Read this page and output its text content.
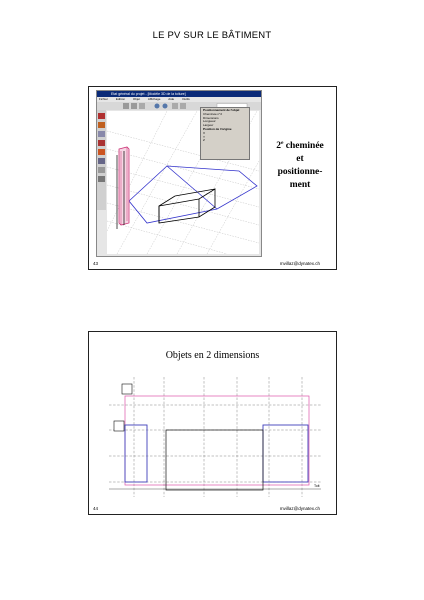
LE PV SUR LE BÂTIMENT
Etat général du projet - [Modèle 3D de la toiture]
Fichier	Edition	Objet	Affichage	Aide	Outils
Positionnement de l'objet
Cheminée n°2
Dimensions
Longueur
Largeur
Position de l'origine
X
Y
Z
2e cheminée
et
positionne-
ment
43	mvillaz@dynatex.ch
Objets en 2 dimensions
Toit
44	mvillaz@dynatex.ch
